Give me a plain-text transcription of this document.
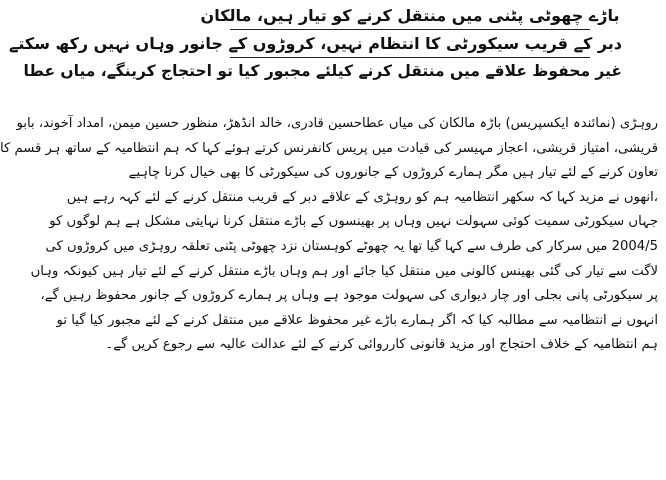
باڑے چھوٹی پٹنی میں منتقل کرنے کو تیار ہیں، مالکان
دبر کے قریب سیکورٹی کا انتظام نہیں، کروڑوں کے جانور وہاں نہیں رکھ سکتے
غیر محفوظ علاقے میں منتقل کرنے کیلئے مجبور کیا تو احتجاج کرینگے، میاں عطا
روہڑی (نمائندہ ایکسپریس) باڑہ مالکان کی میاں عطاحسین قادری، خالد انڈھڑ، منظور حسین میمن، امداد آخوند، بابو
قریشی، امتیاز قریشی، اعجاز مہیسر کی قیادت میں پریس کانفرنس کرتے ہوئے کہا کہ ہم انتظامیہ کے ساتھ ہر قسم کا
تعاون کرنے کے لئے تیار ہیں مگر ہمارے کروڑوں کے جانوروں کی سیکورٹی کا بھی خیال کرنا چاہیے
،انھوں نے مزید کہا کہ سکھر انتظامیہ ہم کو روہڑی کے علاقے دبر کے قریب منتقل کرنے کے لئے کہہ رہے ہیں
جہاں سیکورٹی سمیت کوئی سہولت نہیں وہاں پر بھینسوں کے باڑے منتقل کرنا نہایتی مشکل ہے ہم لوگوں کو
2004/5 میں سرکار کی طرف سے کہا گیا تھا یہ چھوٹے کوہستان نزد چھوٹی پٹنی تعلقہ روہڑی میں کروڑوں کی
لاگت سے تیار کی گئی بھینس کالونی میں منتقل کیا جائے اور ہم وہاں باڑے منتقل کرنے کے لئے تیار ہیں کیونکہ وہاں
پر سیکورٹی پانی بجلی اور چار دیواری کی سہولت موجود ہے وہاں پر ہمارے کروڑوں کے جانور محفوظ رہیں گے،
انہوں نے انتظامیہ سے مطالبہ کیا کہ اگر ہمارے باڑے غیر محفوظ علاقے میں منتقل کرنے کے لئے مجبور کیا گیا تو
ہم انتظامیہ کے خلاف احتجاج اور مزید قانونی کارروائی کرنے کے لئے عدالت عالیہ سے رجوع کریں گے۔
